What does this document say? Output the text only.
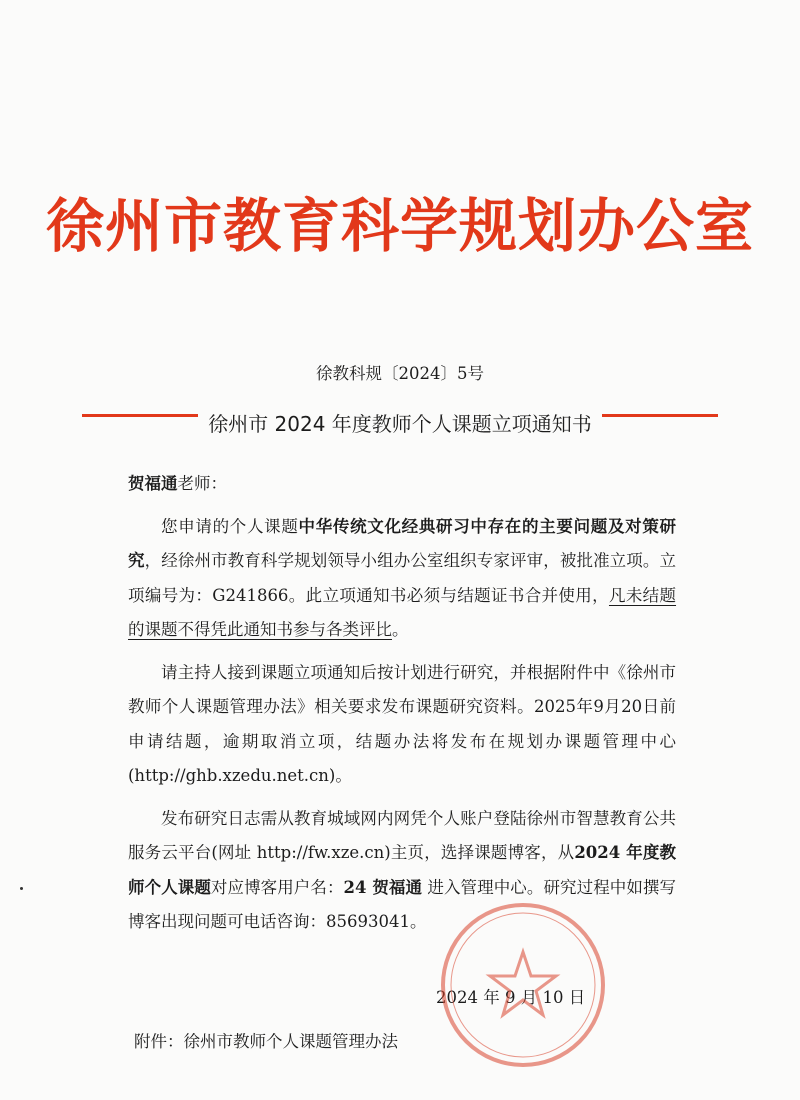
徐州市教育科学规划办公室
徐教科规〔2024〕5号
徐州市 2024 年度教师个人课题立项通知书

贺福通老师：

您申请的个人课题中华传统文化经典研习中存在的主要问题及对策研究，经徐州市教育科学规划领导小组办公室组织专家评审，被批准立项。立项编号为：G241866。此立项通知书必须与结题证书合并使用，凡未结题的课题不得凭此通知书参与各类评比。

请主持人接到课题立项通知后按计划进行研究，并根据附件中《徐州市教师个人课题管理办法》相关要求发布课题研究资料。2025年9月20日前申请结题，逾期取消立项，结题办法将发布在规划办课题管理中心(http://ghb.xzedu.net.cn)。

发布研究日志需从教育城域网内网凭个人账户登陆徐州市智慧教育公共服务云平台(网址 http://fw.xze.cn)主页，选择课题博客，从2024 年度教师个人课题对应博客用户名：24 贺福通 进入管理中心。研究过程中如撰写博客出现问题可电话咨询：85693041。

2024 年 9 月 10 日
附件：徐州市教师个人课题管理办法
